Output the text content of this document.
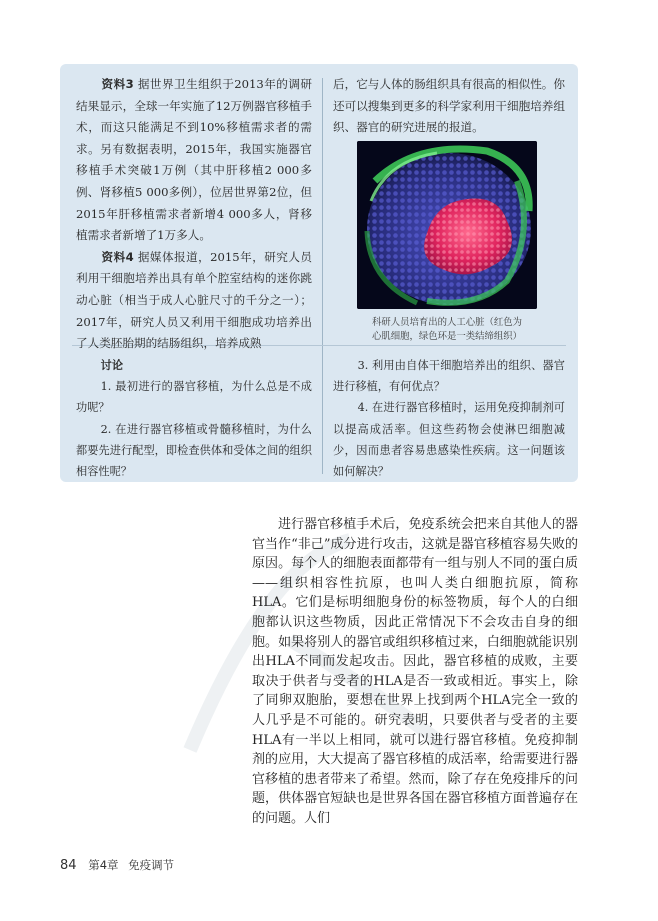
资料3 据世界卫生组织于2013年的调研结果显示，全球一年实施了12万例器官移植手术，而这只能满足不到10%移植需求者的需求。另有数据表明，2015年，我国实施器官移植手术突破1万例（其中肝移植2 000多例、肾移植5 000多例），位居世界第2位，但2015年肝移植需求者新增4 000多人，肾移植需求者新增了1万多人。

资料4 据媒体报道，2015年，研究人员利用干细胞培养出具有单个腔室结构的迷你跳动心脏（相当于成人心脏尺寸的千分之一）；2017年，研究人员又利用干细胞成功培养出了人类胚胎期的结肠组织，培养成熟

后，它与人体的肠组织具有很高的相似性。你还可以搜集到更多的科学家利用干细胞培养组织、器官的研究进展的报道。

科研人员培育出的人工心脏（红色为
心肌细胞，绿色环是一类结缔组织）

讨论

1. 最初进行的器官移植，为什么总是不成功呢？

2. 在进行器官移植或骨髓移植时，为什么都要先进行配型，即检查供体和受体之间的组织相容性呢？

3. 利用由自体干细胞培养出的组织、器官进行移植，有何优点？

4. 在进行器官移植时，运用免疫抑制剂可以提高成活率。但这些药物会使淋巴细胞减少，因而患者容易患感染性疾病。这一问题该如何解决？

进行器官移植手术后，免疫系统会把来自其他人的器官当作“非己”成分进行攻击，这就是器官移植容易失败的原因。每个人的细胞表面都带有一组与别人不同的蛋白质——组织相容性抗原，也叫人类白细胞抗原，简称HLA。它们是标明细胞身份的标签物质，每个人的白细胞都认识这些物质，因此正常情况下不会攻击自身的细胞。如果将别人的器官或组织移植过来，白细胞就能识别出HLA不同而发起攻击。因此，器官移植的成败，主要取决于供者与受者的HLA是否一致或相近。事实上，除了同卵双胞胎，要想在世界上找到两个HLA完全一致的人几乎是不可能的。研究表明，只要供者与受者的主要HLA有一半以上相同，就可以进行器官移植。免疫抑制剂的应用，大大提高了器官移植的成活率，给需要进行器官移植的患者带来了希望。然而，除了存在免疫排斥的问题，供体器官短缺也是世界各国在器官移植方面普遍存在的问题。人们

84 第4章 免疫调节
